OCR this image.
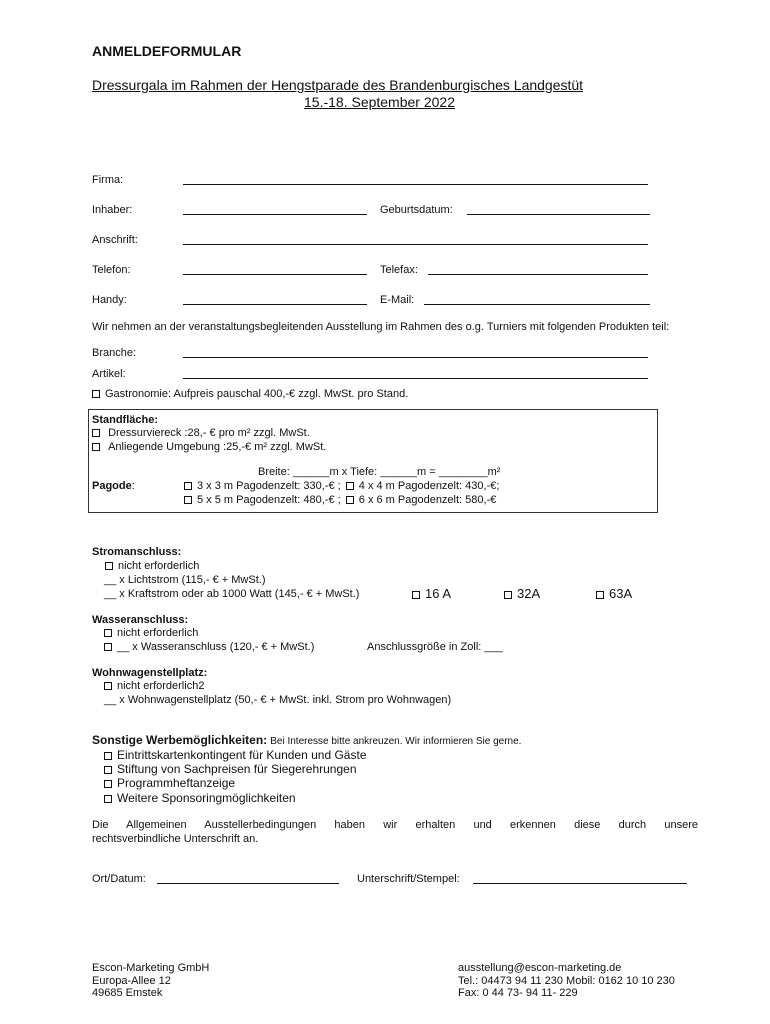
ANMELDEFORMULAR
Dressurgala im Rahmen der Hengstparade des Brandenburgisches Landgestüt
15.-18. September 2022
Firma:
Inhaber:	Geburtsdatum:
Anschrift:
Telefon:	Telefax:
Handy:	E-Mail:
Wir nehmen an der veranstaltungsbegleitenden Ausstellung im Rahmen des o.g. Turniers mit folgenden Produkten teil:
Branche:
Artikel:
Gastronomie: Aufpreis pauschal 400,-€ zzgl. MwSt. pro Stand.
Standfläche:
Dressurviereck :28,- € pro m² zzgl. MwSt.
Anliegende Umgebung :25,-€ m² zzgl. MwSt.
Breite: ______m x Tiefe: ______m = ________m²
Pagode:	3 x 3 m Pagodenzelt: 330,-€ ; 4 x 4 m Pagodenzelt: 430,-€;
5 x 5 m Pagodenzelt: 480,-€ ; 6 x 6 m Pagodenzelt: 580,-€
Stromanschluss:
nicht erforderlich
__ x Lichtstrom (115,- € + MwSt.)
__ x Kraftstrom oder ab 1000 Watt (145,- € + MwSt.)	16 A	32A	63A
Wasseranschluss:
nicht erforderlich
__ x Wasseranschluss (120,- € + MwSt.)	Anschlussgröße in Zoll: ___
Wohnwagenstellplatz:
nicht erforderlich2
__ x Wohnwagenstellplatz (50,- € + MwSt. inkl. Strom pro Wohnwagen)
Sonstige Werbemöglichkeiten: Bei Interesse bitte ankreuzen. Wir informieren Sie gerne.
Eintrittskartenkontingent für Kunden und Gäste
Stiftung von Sachpreisen für Siegerehrungen
Programmheftanzeige
Weitere Sponsoringmöglichkeiten
Die Allgemeinen Ausstellerbedingungen haben wir erhalten und erkennen diese durch unsere
rechtsverbindliche Unterschrift an.
Ort/Datum:	Unterschrift/Stempel:
Escon-Marketing GmbH
Europa-Allee 12
49685 Emstek
ausstellung@escon-marketing.de
Tel.: 04473 94 11 230 Mobil: 0162 10 10 230
Fax: 0 44 73- 94 11- 229
